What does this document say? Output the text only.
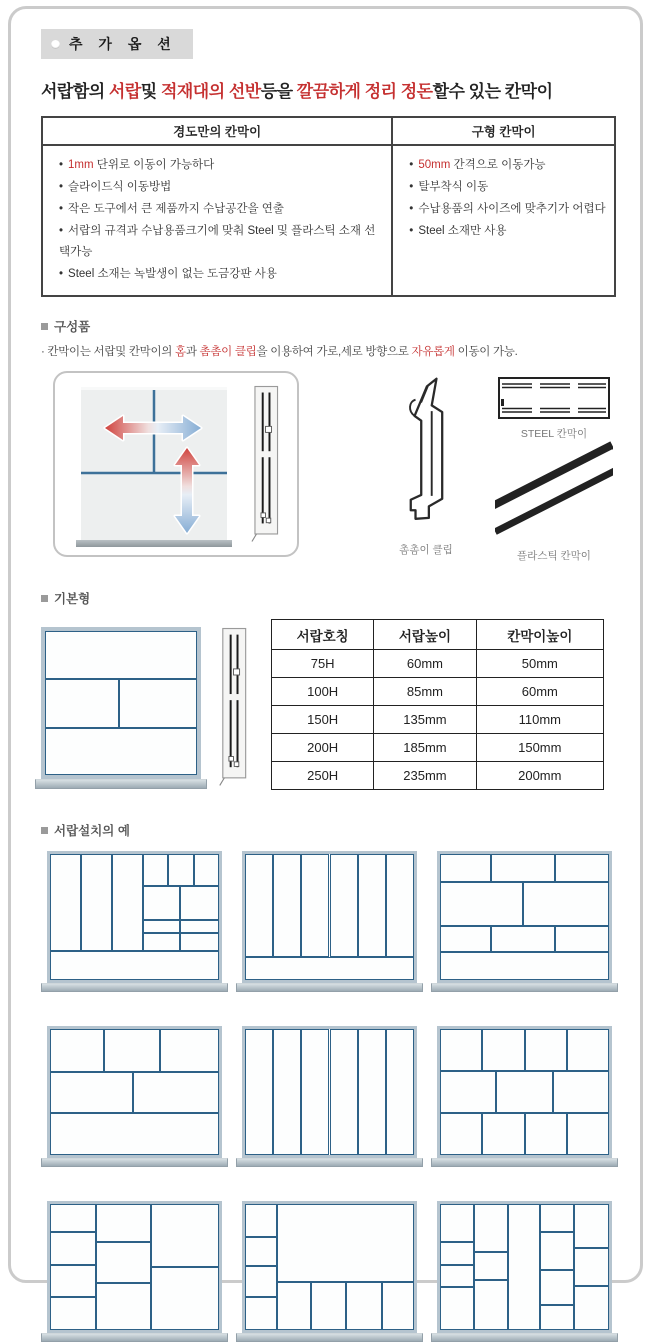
추 가 옵 션
서랍함의 서랍및 적재대의 선반등을 깔끔하게 정리 정돈할수 있는 칸막이
경도만의 칸막이
• 1mm 단위로 이동이 가능하다
• 슬라이드식 이동방법
• 작은 도구에서 큰 제품까지 수납공간을 연출
• 서랍의 규격과 수납용품크기에 맞춰 Steel 및 플라스틱 소재 선택가능
• Steel 소재는 녹발생이 없는 도금강판 사용
구형 칸막이
• 50mm 간격으로 이동가능
• 탈부착식 이동
• 수납용품의 사이즈에 맞추기가 어렵다
• Steel 소재만 사용
구성품
· 칸막이는 서랍및 칸막이의 홈과 촘촘이 클립을 이용하여 가로,세로 방향으로 자유롭게 이동이 가능.
촘촘이 클립
STEEL 칸막이
플라스틱 칸막이
기본형
서랍호칭	서랍높이	칸막이높이
75H	60mm	50mm
100H	85mm	60mm
150H	135mm	110mm
200H	185mm	150mm
250H	235mm	200mm
서랍설치의 예
